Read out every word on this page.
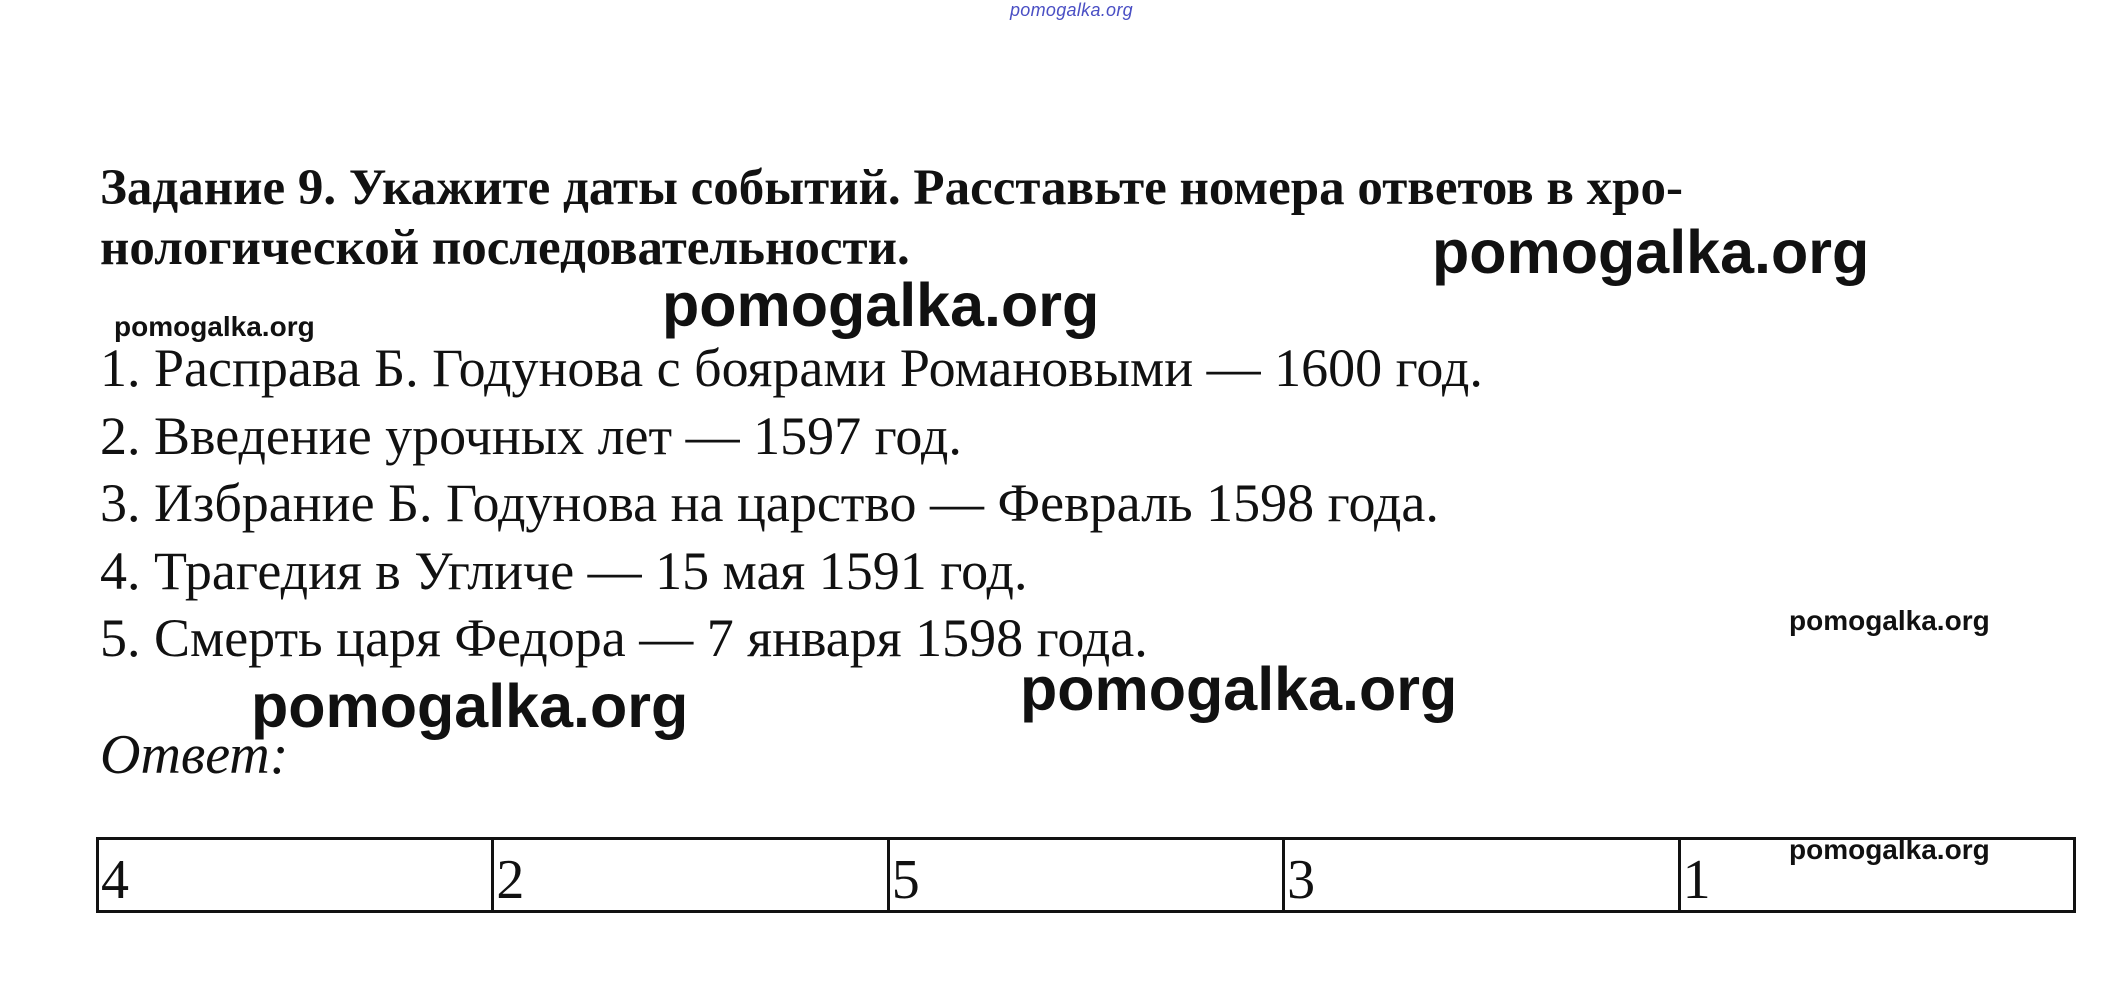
pomogalka.org

Задание 9. Укажите даты событий. Расставьте номера ответов в хро-нологической последовательности.

1. Расправа Б. Годунова с боярами Романовыми — 1600 год.
2. Введение урочных лет — 1597 год.
3. Избрание Б. Годунова на царство — Февраль 1598 года.
4. Трагедия в Угличе — 15 мая 1591 год.
5. Смерть царя Федора — 7 января 1598 года.
Ответ:
4	2	5	3	1
pomogalka.org
pomogalka.org
pomogalka.org
pomogalka.org
pomogalka.org
pomogalka.org
pomogalka.org
